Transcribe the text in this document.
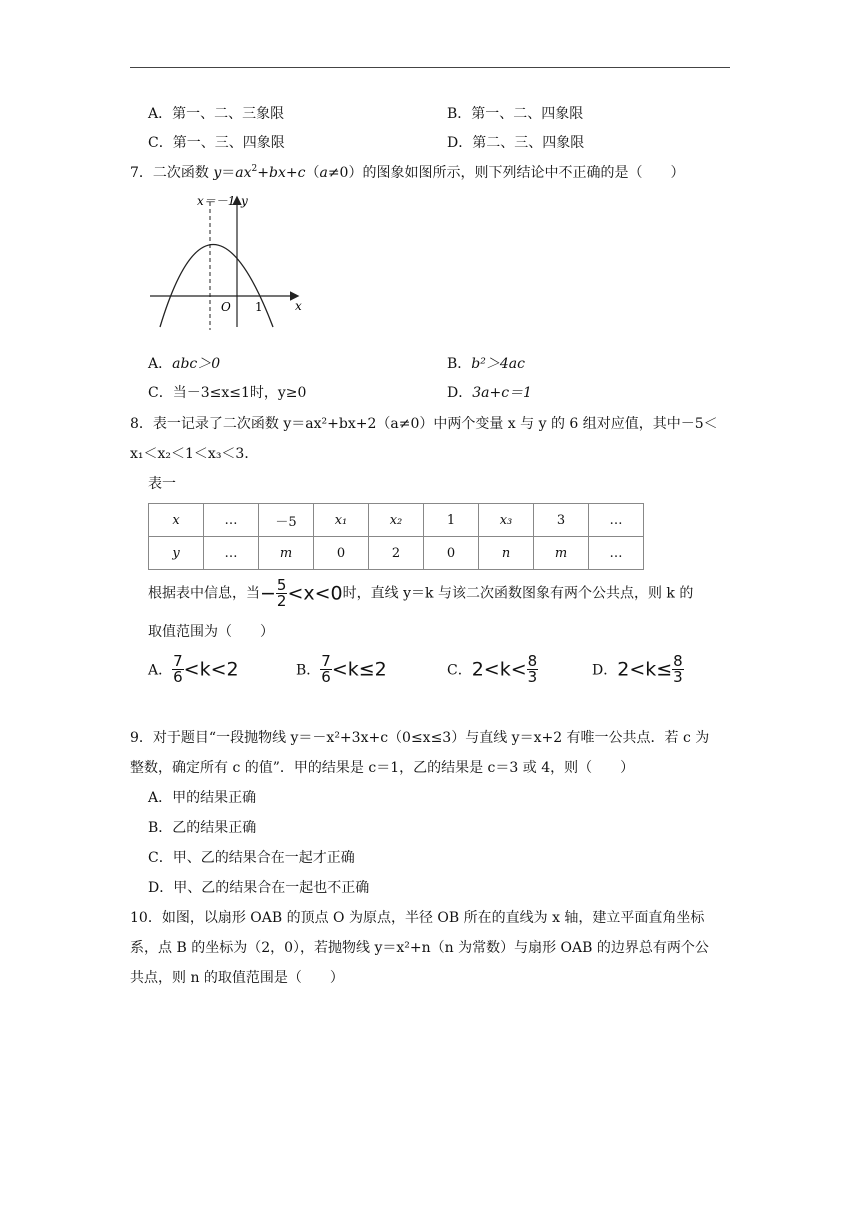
A．第一、二、三象限	B．第一、二、四象限
C．第一、三、四象限	D．第二、三、四象限
7．二次函数 $y=ax^2+bx+c(a\ne 0)$的图象如图所示，则下列结论中不正确的是（　　）
x＝－1 y
x
O 1
A．abc＞0	B．b²＞4ac
C．当－3≤x≤1时，y≥0	D．3a+c＝1
8．表一记录了二次函数 y＝ax²+bx+2（a≠0）中两个变量 x 与 y 的 6 组对应值，其中－5＜
x₁＜x₂＜1＜x₃＜3．
表一
x	…	－5	x₁	x₂	1	x₃	3	…
y	…	m	0	2	0	n	m	…
根据表中信息，当− $\frac{5}{2} <x<0$时，直线 y＝k 与该二次函数图象有两个公共点，则 k 的
取值范围为（　　）
A． $\frac{7}{6} <k<2$	B． $\frac{7}{6} <k\le 2$	C．$2<k< \frac{8}{3}$	D．$2<k\le \frac{8}{3}$
9．对于题目“一段抛物线 y＝－x²+3x+c（0≤x≤3）与直线 y＝x+2 有唯一公共点．若 c 为
整数，确定所有 c 的值”．甲的结果是 c＝1，乙的结果是 c＝3 或 4，则（　　）
A．甲的结果正确
B．乙的结果正确
C．甲、乙的结果合在一起才正确
D．甲、乙的结果合在一起也不正确
10．如图，以扇形 OAB 的顶点 O 为原点，半径 OB 所在的直线为 x 轴，建立平面直角坐标
系，点 B 的坐标为（2，0），若抛物线 y＝x²+n（n 为常数）与扇形 OAB 的边界总有两个公
共点，则 n 的取值范围是（　　）
